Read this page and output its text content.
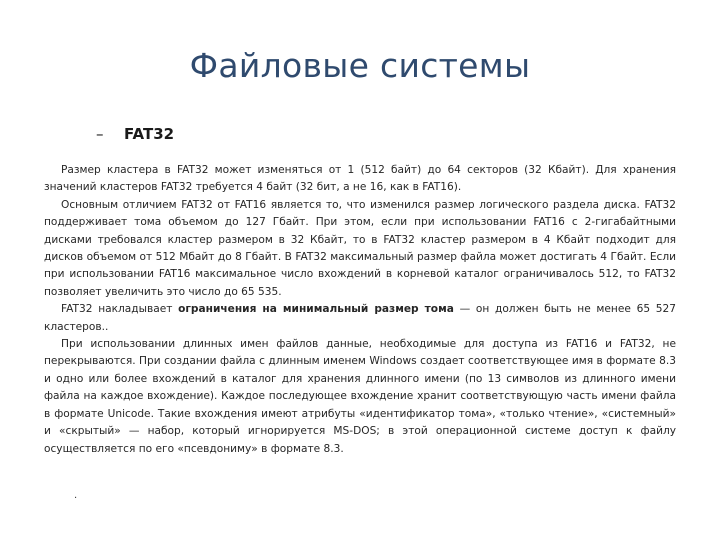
Файловые системы
– FAT32

Размер кластера в FAT32 может изменяться от 1 (512 байт) до 64 секторов (32 Кбайт). Для хранения значений кластеров FAT32 требуется 4 байт (32 бит, а не 16, как в FAT16).

Основным отличием FAT32 от FAT16 является то, что изменился размер логического раздела диска. FAT32 поддерживает тома объемом до 127 Гбайт. При этом, если при использовании FAT16 с 2-гигабайтными дисками требовался кластер размером в 32 Кбайт, то в FAT32 кластер размером в 4 Кбайт подходит для дисков объемом от 512 Мбайт до 8 Гбайт. В FAT32 максимальный размер файла может достигать 4 Гбайт. Если при использовании FAT16 максимальное число вхождений в корневой каталог ограничивалось 512, то FAT32 позволяет увеличить это число до 65 535.

FAT32 накладывает ограничения на минимальный размер тома — он должен быть не менее 65 527 кластеров..

При использовании длинных имен файлов данные, необходимые для доступа из FAT16 и FAT32, не перекрываются. При создании файла с длинным именем Windows создает соответствующее имя в формате 8.3 и одно или более вхождений в каталог для хранения длинного имени (по 13 символов из длинного имени файла на каждое вхождение). Каждое последующее вхождение хранит соответствующую часть имени файла в формате Unicode. Такие вхождения имеют атрибуты «идентификатор тома», «только чтение», «системный» и «скрытый» — набор, который игнорируется MS-DOS; в этой операционной системе доступ к файлу осуществляется по его «псевдониму» в формате 8.3.

.
